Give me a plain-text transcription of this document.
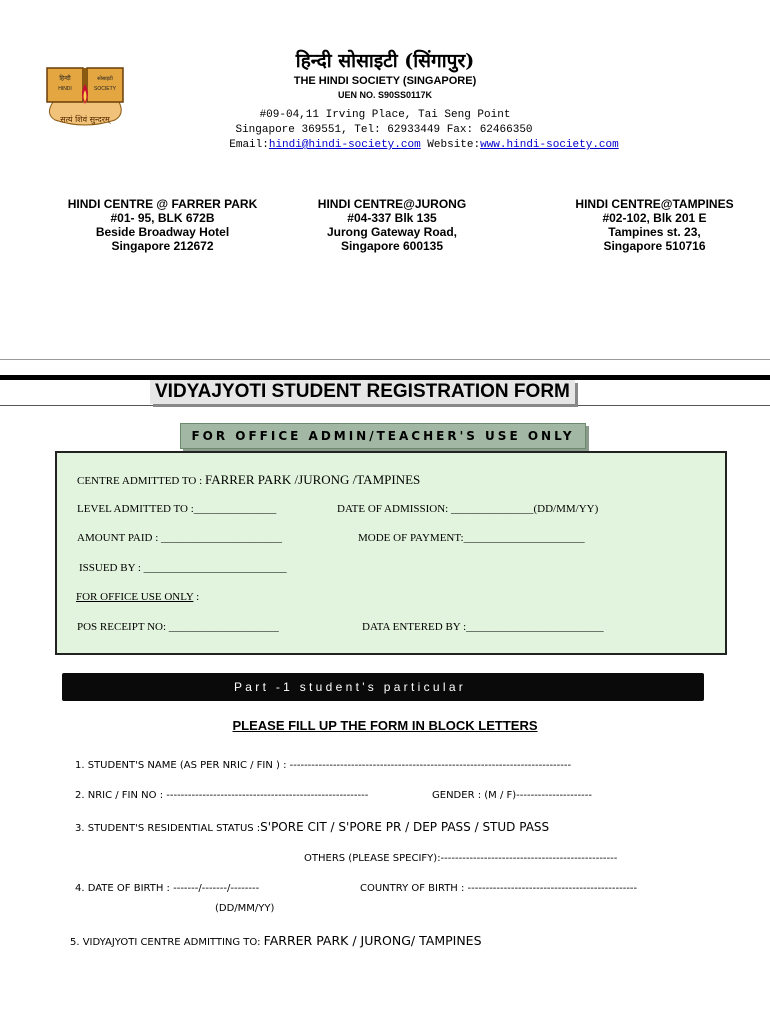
हिन्दी
HINDI
सोसाइटी
SOCIETY
सत्यं शिवं सुन्दरम्
हिन्दी सोसाइटी (सिंगापुर)
THE HINDI SOCIETY (SINGAPORE)
UEN NO. S90SS0117K
#09-04,11 Irving Place, Tai Seng Point
Singapore 369551, Tel: 62933449 Fax: 62466350
Email:hindi@hindi-society.com Website:www.hindi-society.com
HINDI CENTRE @ FARRER PARK
#01- 95, BLK 672B
Beside Broadway Hotel
Singapore 212672
HINDI CENTRE@JURONG
#04-337 Blk 135
Jurong Gateway Road,
Singapore 600135
HINDI CENTRE@TAMPINES
#02-102, Blk 201 E
Tampines st. 23,
Singapore 510716
VIDYAJYOTI STUDENT REGISTRATION FORM
FOR OFFICE ADMIN/TEACHER'S USE ONLY
CENTRE ADMITTED TO : FARRER PARK /JURONG /TAMPINES
LEVEL ADMITTED TO :_______________	DATE OF ADMISSION: _______________(DD/MM/YY)
AMOUNT PAID : ______________________	MODE OF PAYMENT:______________________
ISSUED BY : __________________________
FOR OFFICE USE ONLY :
POS RECEIPT NO: ____________________	DATA ENTERED BY :_________________________
Part -1 student's particular
PLEASE FILL UP THE FORM IN BLOCK LETTERS
1. STUDENT'S NAME (AS PER NRIC / FIN ) : ------------------------------------------------------------------------------
2. NRIC / FIN NO : --------------------------------------------------------	GENDER : (M / F)---------------------
3. STUDENT'S RESIDENTIAL STATUS :S'PORE CIT / S'PORE PR / DEP PASS / STUD PASS
OTHERS (PLEASE SPECIFY):-------------------------------------------------
4. DATE OF BIRTH : -------/-------/--------	COUNTRY OF BIRTH : -----------------------------------------------
(DD/MM/YY)
5. VIDYAJYOTI CENTRE ADMITTING TO: FARRER PARK / JURONG/ TAMPINES
